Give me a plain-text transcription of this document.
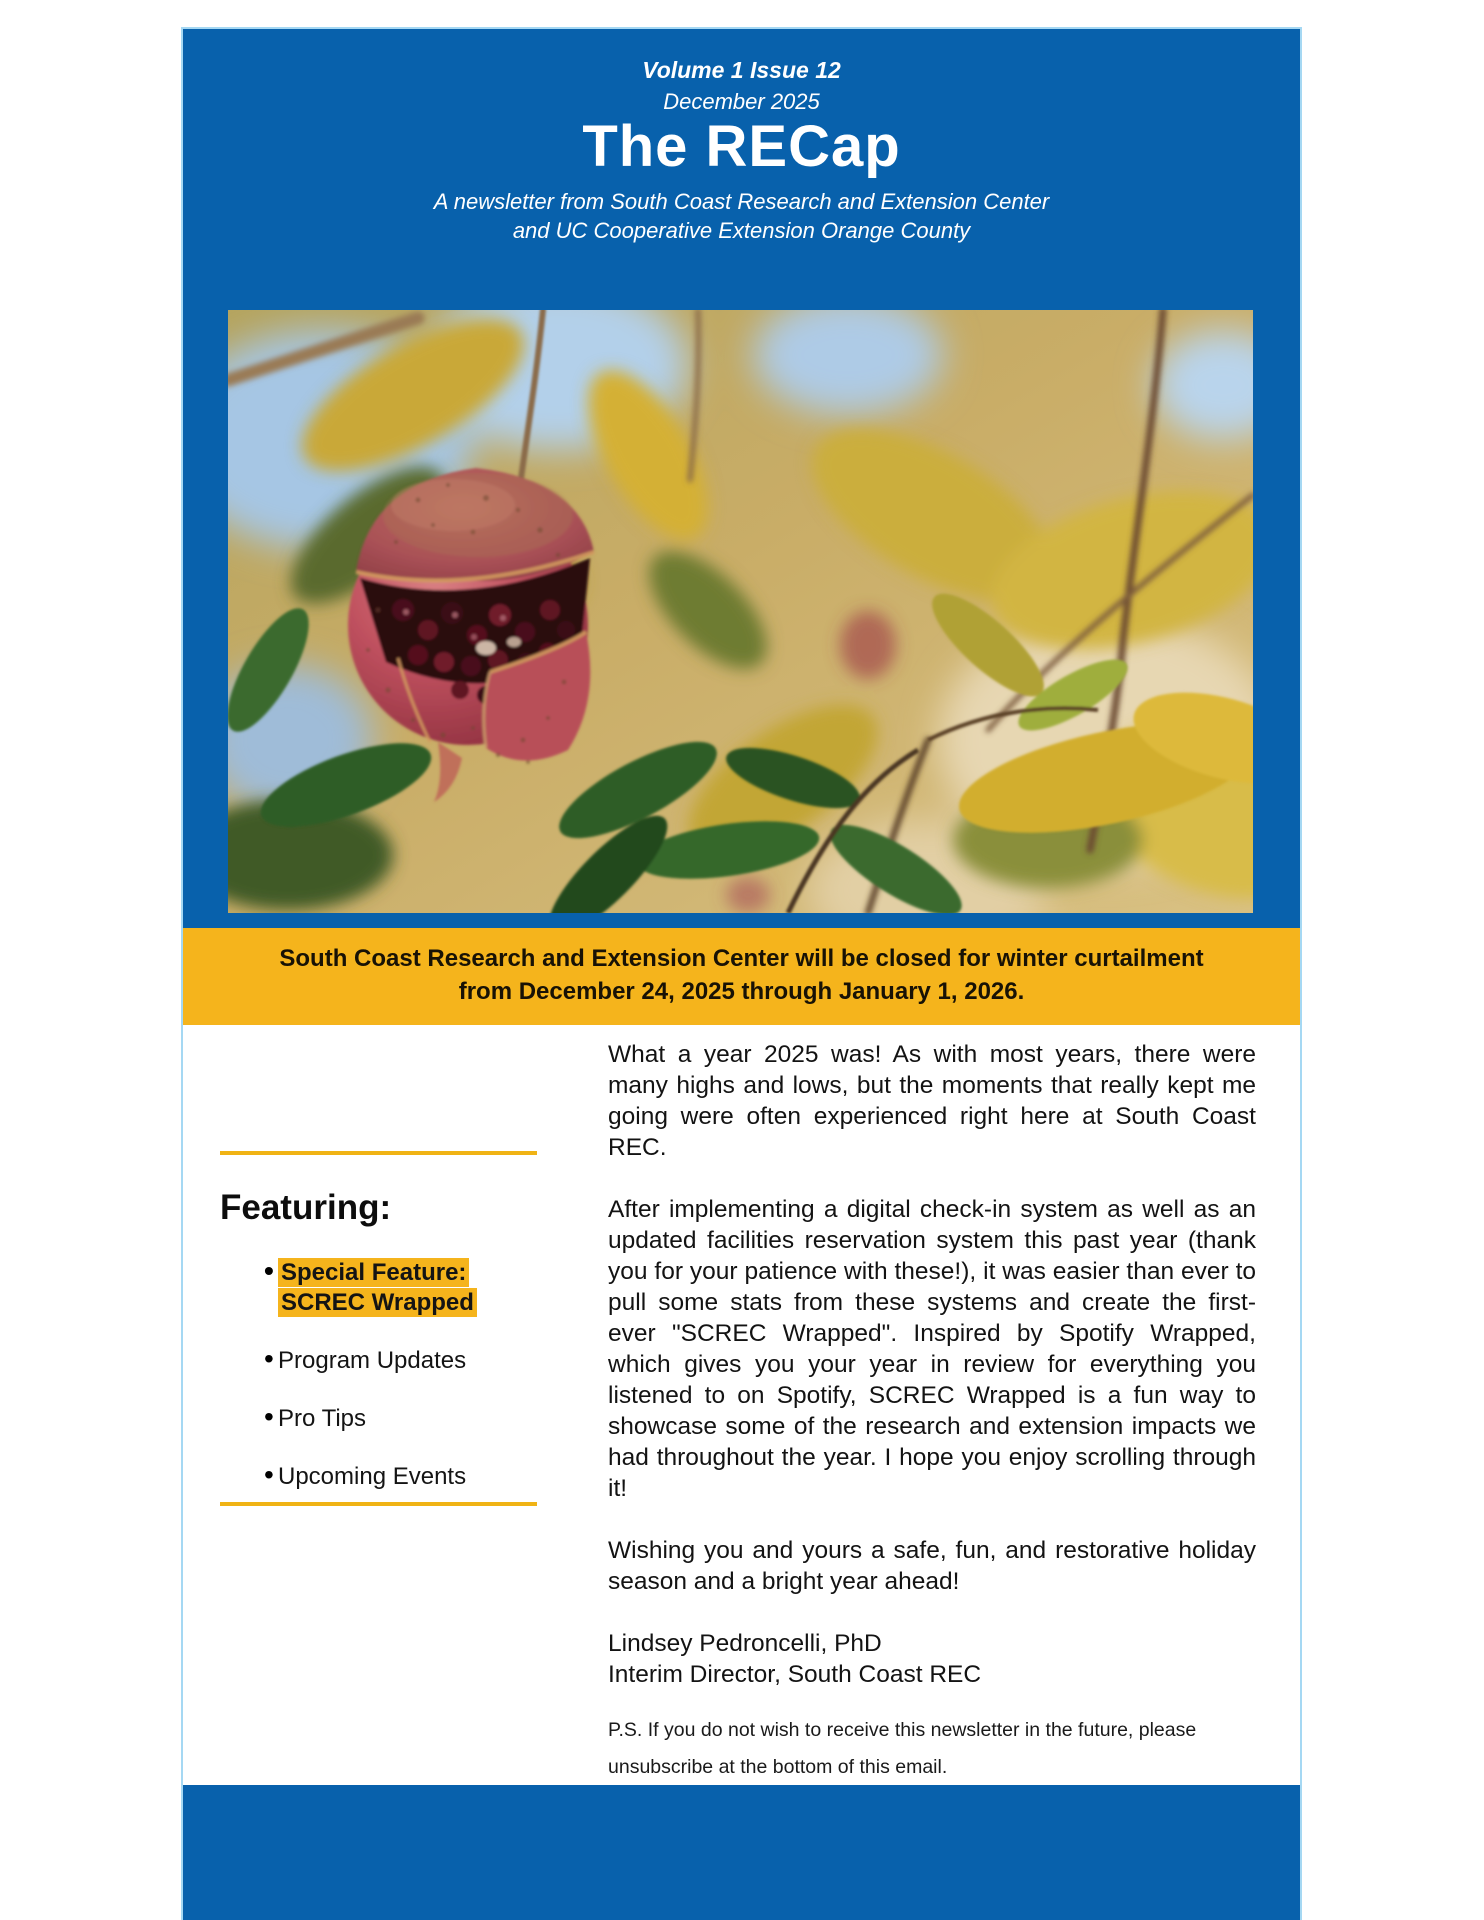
Volume 1 Issue 12
December 2025
The RECap
A newsletter from South Coast Research and Extension Center
and UC Cooperative Extension Orange County
South Coast Research and Extension Center will be closed for winter curtailment
from December 24, 2025 through January 1, 2026.
Featuring:
• Special Feature: SCREC Wrapped
• Program Updates
• Pro Tips
• Upcoming Events

What a year 2025 was! As with most years, there were many highs and lows, but the moments that really kept me going were often experienced right here at South Coast REC.

After implementing a digital check-in system as well as an updated facilities reservation system this past year (thank you for your patience with these!), it was easier than ever to pull some stats from these systems and create the first-ever "SCREC Wrapped". Inspired by Spotify Wrapped, which gives you your year in review for everything you listened to on Spotify, SCREC Wrapped is a fun way to showcase some of the research and extension impacts we had throughout the year. I hope you enjoy scrolling through it!

Wishing you and yours a safe, fun, and restorative holiday season and a bright year ahead!

Lindsey Pedroncelli, PhD
Interim Director, South Coast REC
P.S. If you do not wish to receive this newsletter in the future, please unsubscribe at the bottom of this email.
